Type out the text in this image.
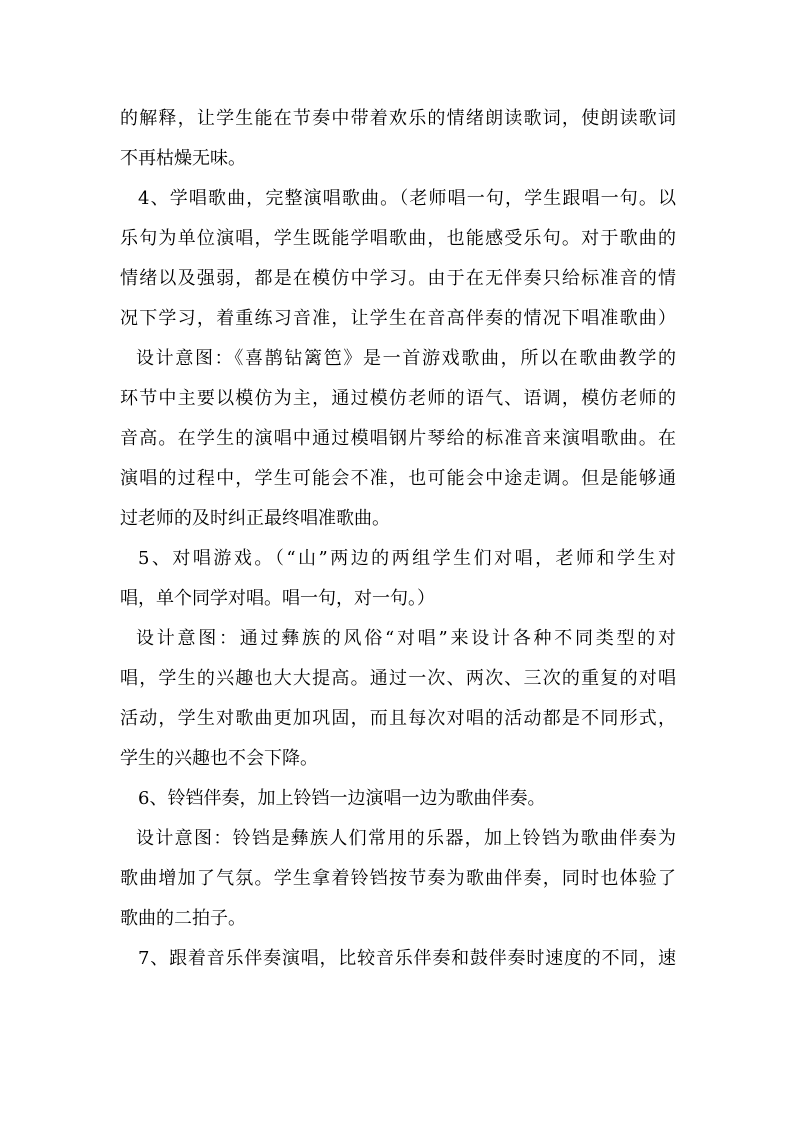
的解释，让学生能在节奏中带着欢乐的情绪朗读歌词，使朗读歌词

不再枯燥无味。

4、学唱歌曲，完整演唱歌曲。（老师唱一句，学生跟唱一句。以

乐句为单位演唱，学生既能学唱歌曲，也能感受乐句。对于歌曲的

情绪以及强弱，都是在模仿中学习。由于在无伴奏只给标准音的情

况下学习，着重练习音准，让学生在音高伴奏的情况下唱准歌曲）

设计意图：《喜鹊钻篱笆》是一首游戏歌曲，所以在歌曲教学的

环节中主要以模仿为主，通过模仿老师的语气、语调，模仿老师的

音高。在学生的演唱中通过模唱钢片琴给的标准音来演唱歌曲。在

演唱的过程中，学生可能会不准，也可能会中途走调。但是能够通

过老师的及时纠正最终唱准歌曲。

5、对唱游戏。（“山”两边的两组学生们对唱，老师和学生对

唱，单个同学对唱。唱一句，对一句。）

设计意图：通过彝族的风俗“对唱”来设计各种不同类型的对

唱，学生的兴趣也大大提高。通过一次、两次、三次的重复的对唱

活动，学生对歌曲更加巩固，而且每次对唱的活动都是不同形式，

学生的兴趣也不会下降。

6、铃铛伴奏，加上铃铛一边演唱一边为歌曲伴奏。

设计意图：铃铛是彝族人们常用的乐器，加上铃铛为歌曲伴奏为

歌曲增加了气氛。学生拿着铃铛按节奏为歌曲伴奏，同时也体验了

歌曲的二拍子。

7、跟着音乐伴奏演唱，比较音乐伴奏和鼓伴奏时速度的不同，速
